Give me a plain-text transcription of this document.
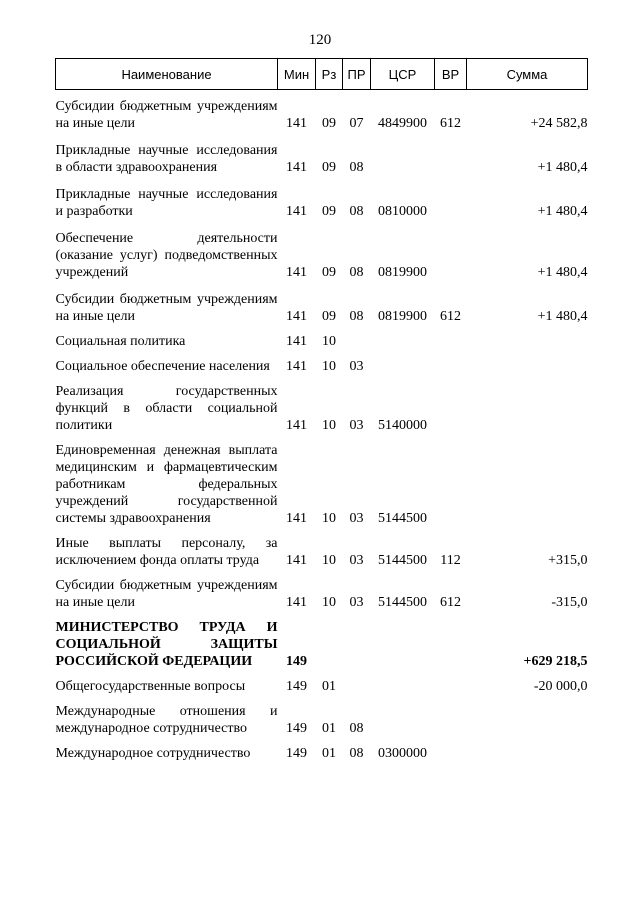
120
Наименование	Мин	Рз	ПР	ЦСР	ВР	Сумма
Субсидии бюджетным учреждениям на иные цели	141	09	07	4849900	612	+24 582,8
Прикладные научные исследования в области здравоохранения	141	09	08			+1 480,4
Прикладные научные исследования и разработки	141	09	08	0810000		+1 480,4
Обеспечение деятельности (оказание услуг) подведомственных учреждений	141	09	08	0819900		+1 480,4
Субсидии бюджетным учреждениям на иные цели	141	09	08	0819900	612	+1 480,4
Социальная политика	141	10				
Социальное обеспечение населения	141	10	03			
Реализация государственных функций в области социальной политики	141	10	03	5140000		
Единовременная денежная выплата медицинским и фармацевтическим работникам федеральных учреждений государственной системы здравоохранения	141	10	03	5144500		
Иные выплаты персоналу, за исключением фонда оплаты труда	141	10	03	5144500	112	+315,0
Субсидии бюджетным учреждениям на иные цели	141	10	03	5144500	612	-315,0
МИНИСТЕРСТВО ТРУДА И СОЦИАЛЬНОЙ ЗАЩИТЫ РОССИЙСКОЙ ФЕДЕРАЦИИ	149					+629 218,5
Общегосударственные вопросы	149	01				-20 000,0
Международные отношения и международное сотрудничество	149	01	08			
Международное сотрудничество	149	01	08	0300000		
